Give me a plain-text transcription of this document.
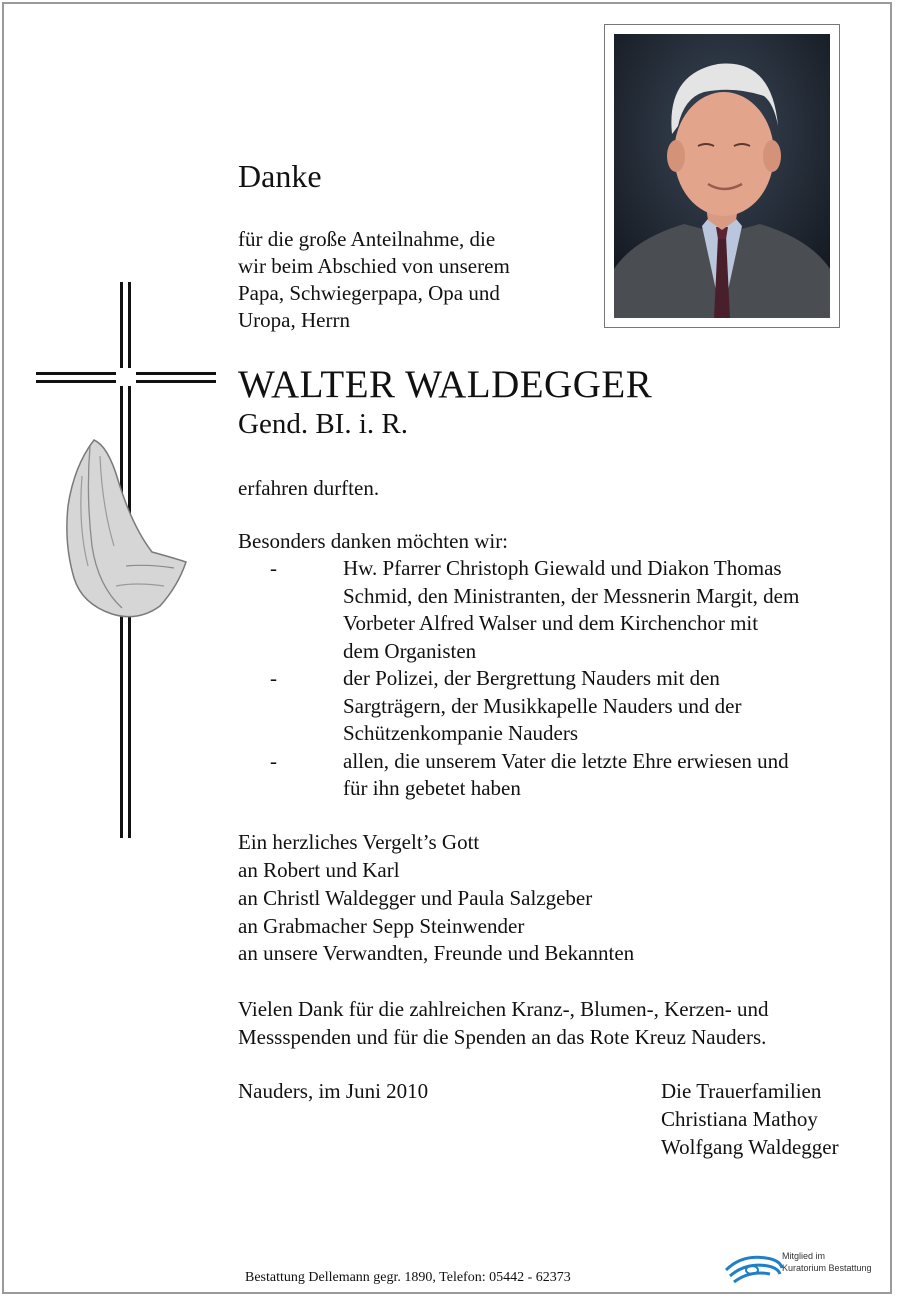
Danke

für die große Anteilnahme, die

wir beim Abschied von unserem

Papa, Schwiegerpapa, Opa und

Uropa, Herrn

WALTER WALDEGGER

Gend. BI. i. R.

erfahren durften.

Besonders danken möchten wir:

-	Hw. Pfarrer Christoph Giewald und Diakon Thomas
Schmid, den Ministranten, der Messnerin Margit, dem
Vorbeter Alfred Walser und dem Kirchenchor mit
dem Organisten
-	der Polizei, der Bergrettung Nauders mit den
Sargträgern, der Musikkapelle Nauders und der
Schützenkompanie Nauders
-	allen, die unserem Vater die letzte Ehre erwiesen und
für ihn gebetet haben

Ein herzliches Vergelt’s Gott

an Robert und Karl

an Christl Waldegger und Paula Salzgeber

an Grabmacher Sepp Steinwender

an unsere Verwandten, Freunde und Bekannten

Vielen Dank für die zahlreichen Kranz-, Blumen-, Kerzen- und

Messspenden und für die Spenden an das Rote Kreuz Nauders.

Nauders, im Juni 2010	Die Trauerfamilien
Christiana Mathoy
Wolfgang Waldegger
Bestattung Dellemann gegr. 1890, Telefon: 05442 - 62373
Mitglied im
Kuratorium Bestattung
